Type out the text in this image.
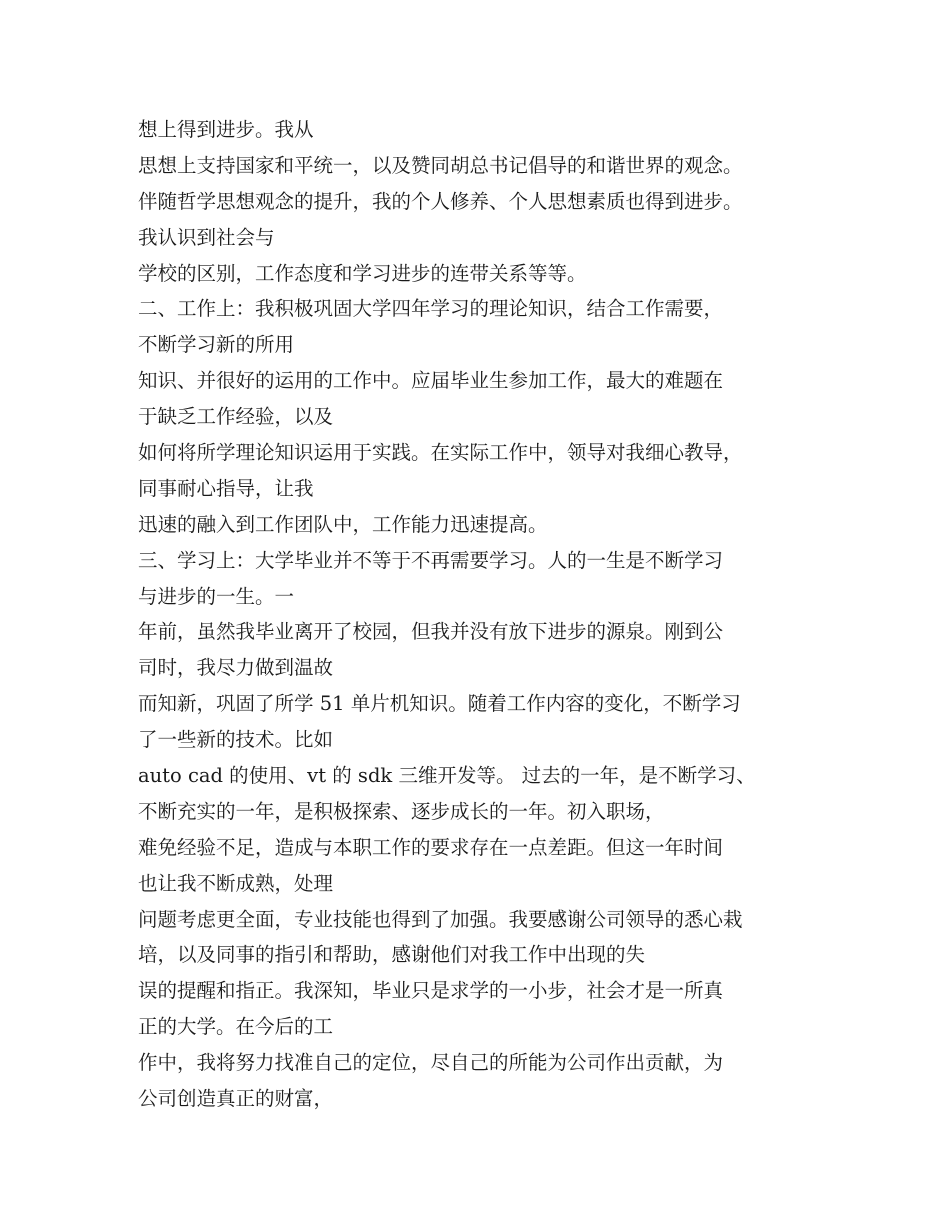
想上得到进步。我从
思想上支持国家和平统一，以及赞同胡总书记倡导的和谐世界的观念。
伴随哲学思想观念的提升，我的个人修养、个人思想素质也得到进步。
我认识到社会与
学校的区别，工作态度和学习进步的连带关系等等。
二、工作上：我积极巩固大学四年学习的理论知识，结合工作需要，
不断学习新的所用
知识、并很好的运用的工作中。应届毕业生参加工作，最大的难题在
于缺乏工作经验，以及
如何将所学理论知识运用于实践。在实际工作中，领导对我细心教导，
同事耐心指导，让我
迅速的融入到工作团队中，工作能力迅速提高。
三、学习上：大学毕业并不等于不再需要学习。人的一生是不断学习
与进步的一生。一
年前，虽然我毕业离开了校园，但我并没有放下进步的源泉。刚到公
司时，我尽力做到温故
而知新，巩固了所学 51 单片机知识。随着工作内容的变化，不断学习
了一些新的技术。比如
auto cad 的使用、vt 的 sdk 三维开发等。 过去的一年，是不断学习、
不断充实的一年，是积极探索、逐步成长的一年。初入职场，
难免经验不足，造成与本职工作的要求存在一点差距。但这一年时间
也让我不断成熟，处理
问题考虑更全面，专业技能也得到了加强。我要感谢公司领导的悉心栽
培，以及同事的指引和帮助，感谢他们对我工作中出现的失
误的提醒和指正。我深知，毕业只是求学的一小步，社会才是一所真
正的大学。在今后的工
作中，我将努力找准自己的定位，尽自己的所能为公司作出贡献，为
公司创造真正的财富，
